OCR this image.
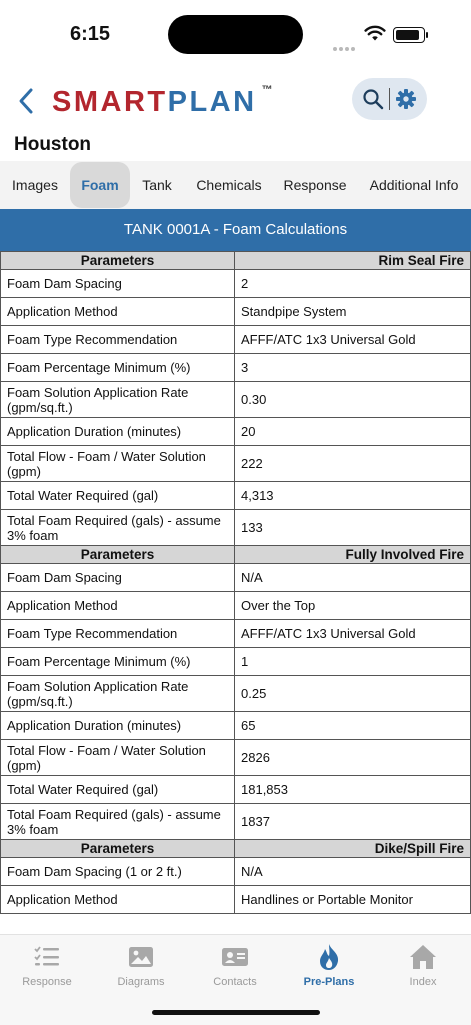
6:15
SMARTPLAN ™
Houston
Images	Foam	Tank	Chemicals	Response	Additional Info
TANK 0001A - Foam Calculations
Parameters	Rim Seal Fire
Foam Dam Spacing	2
Application Method	Standpipe System
Foam Type Recommendation	AFFF/ATC 1x3 Universal Gold
Foam Percentage Minimum (%)	3
Foam Solution Application Rate (gpm/sq.ft.)	0.30
Application Duration (minutes)	20
Total Flow - Foam / Water Solution (gpm)	222
Total Water Required (gal)	4,313
Total Foam Required (gals) - assume 3% foam	133
Parameters	Fully Involved Fire
Foam Dam Spacing	N/A
Application Method	Over the Top
Foam Type Recommendation	AFFF/ATC 1x3 Universal Gold
Foam Percentage Minimum (%)	1
Foam Solution Application Rate (gpm/sq.ft.)	0.25
Application Duration (minutes)	65
Total Flow - Foam / Water Solution (gpm)	2826
Total Water Required (gal)	181,853
Total Foam Required (gals) - assume 3% foam	1837
Parameters	Dike/Spill Fire
Foam Dam Spacing (1 or 2 ft.)	N/A
Application Method	Handlines or Portable Monitor
Response	Diagrams	Contacts	Pre-Plans	Index
